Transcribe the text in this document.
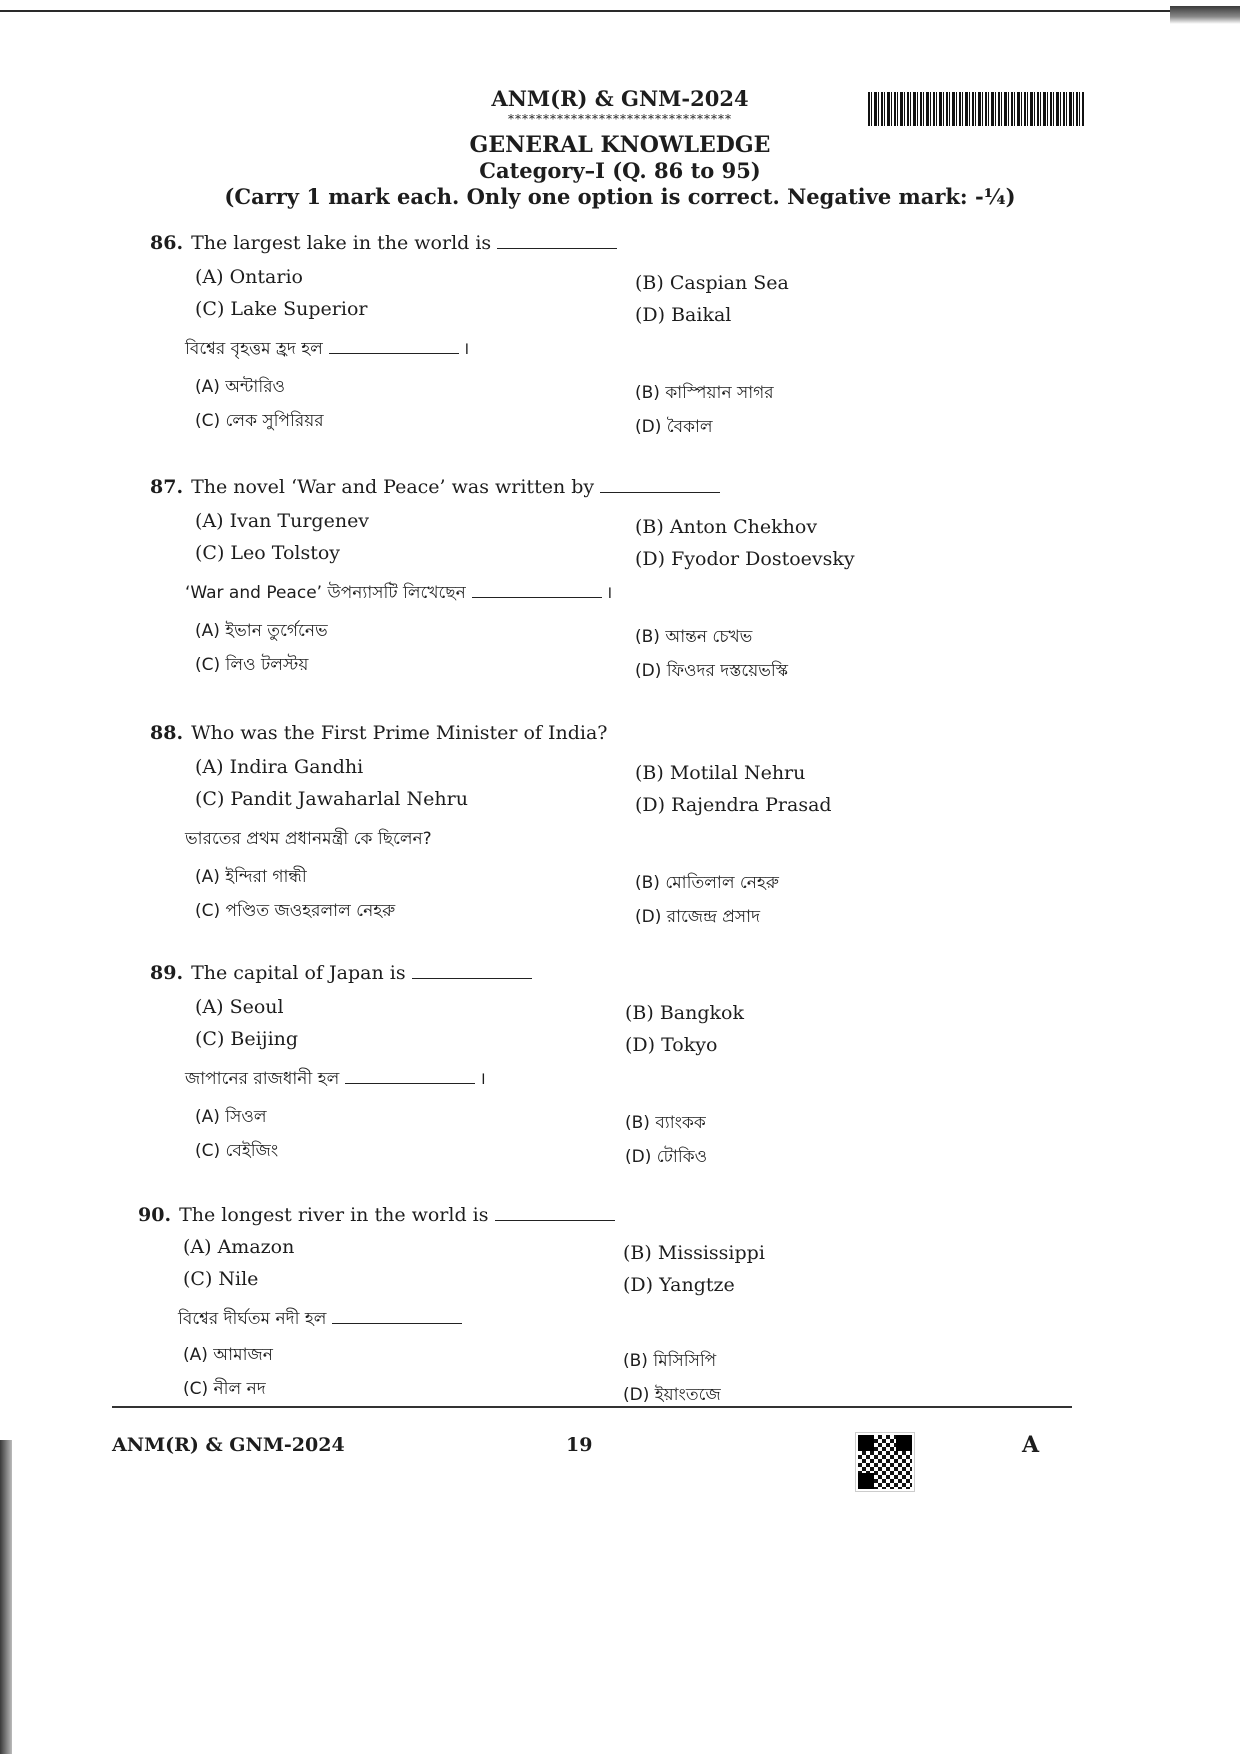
ANM(R) & GNM-2024
********************************
GENERAL KNOWLEDGE
Category–I (Q. 86 to 95)
(Carry 1 mark each. Only one option is correct. Negative mark: -¼)
86. The largest lake in the world is
(A) Ontario	(B) Caspian Sea
(C) Lake Superior	(D) Baikal
বিশ্বের বৃহত্তম হ্রদ হল	।
(A) অন্টারিও	(B) কাস্পিয়ান সাগর
(C) লেক সুপিরিয়র	(D) বৈকাল
87. The novel ‘War and Peace’ was written by
(A) Ivan Turgenev	(B) Anton Chekhov
(C) Leo Tolstoy	(D) Fyodor Dostoevsky
‘War and Peace’ উপন্যাসটি লিখেছেন	।
(A) ইভান তুর্গেনেভ	(B) আন্তন চেখভ
(C) লিও টলস্টয়	(D) ফিওদর দস্তয়েভস্কি
88. Who was the First Prime Minister of India?
(A) Indira Gandhi	(B) Motilal Nehru
(C) Pandit Jawaharlal Nehru	(D) Rajendra Prasad
ভারতের প্রথম প্রধানমন্ত্রী কে ছিলেন?
(A) ইন্দিরা গান্ধী	(B) মোতিলাল নেহরু
(C) পণ্ডিত জওহরলাল নেহরু	(D) রাজেন্দ্র প্রসাদ
89. The capital of Japan is
(A) Seoul	(B) Bangkok
(C) Beijing	(D) Tokyo
জাপানের রাজধানী হল	।
(A) সিওল	(B) ব্যাংকক
(C) বেইজিং	(D) টোকিও
90. The longest river in the world is
(A) Amazon	(B) Mississippi
(C) Nile	(D) Yangtze
বিশ্বের দীর্ঘতম নদী হল
(A) আমাজন	(B) মিসিসিপি
(C) নীল নদ	(D) ইয়াংতজে
ANM(R) & GNM-2024	19	A
